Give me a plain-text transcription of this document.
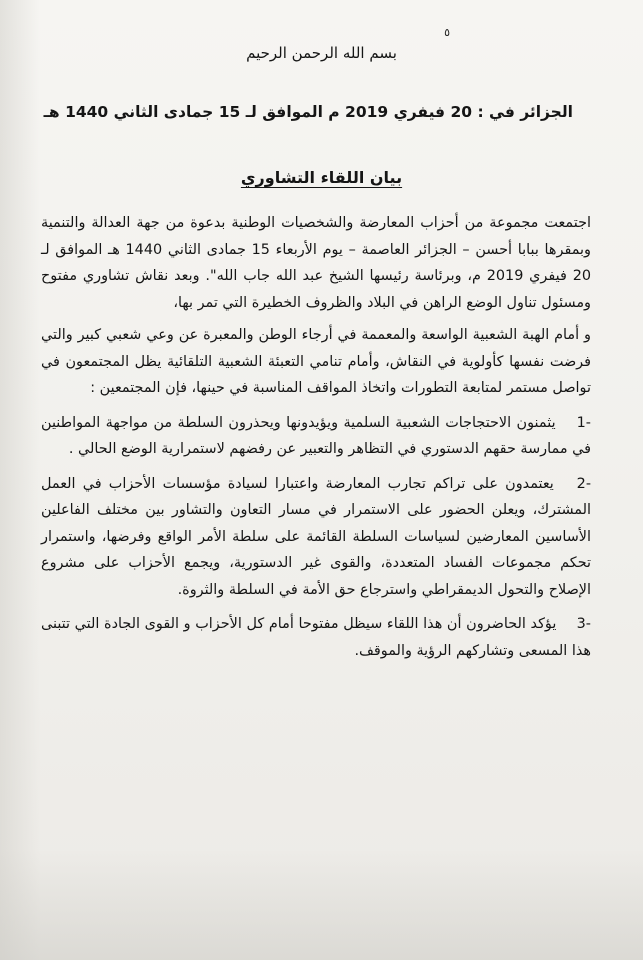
٥
بسم الله الرحمن الرحيم
الجزائر في : 20 فيفري 2019 م الموافق لـ 15 جمادى الثاني 1440 هـ
بيان اللقاء التشاوري

اجتمعت مجموعة من أحزاب المعارضة والشخصيات الوطنية بدعوة من جهة العدالة والتنمية وبمقرها ببابا أحسن – الجزائر العاصمة – يوم الأربعاء 15 جمادى الثاني 1440 هـ الموافق لـ 20 فيفري 2019 م، وبرئاسة رئيسها الشيخ عبد الله جاب الله". وبعد نقاش تشاوري مفتوح ومسئول تناول الوضع الراهن في البلاد والظروف الخطيرة التي تمر بها،

و أمام الهبة الشعبية الواسعة والمعممة في أرجاء الوطن والمعبرة عن وعي شعبي كبير والتي فرضت نفسها كأولوية في النقاش، وأمام تنامي التعبئة الشعبية التلقائية يظل المجتمعون في تواصل مستمر لمتابعة التطورات واتخاذ المواقف المناسبة في حينها، فإن المجتمعين :

-1 يثمنون الاحتجاجات الشعبية السلمية ويؤيدونها ويحذرون السلطة من مواجهة المواطنين في ممارسة حقهم الدستوري في التظاهر والتعبير عن رفضهم لاستمرارية الوضع الحالي .

-2 يعتمدون على تراكم تجارب المعارضة واعتبارا لسيادة مؤسسات الأحزاب في العمل المشترك، ويعلن الحضور على الاستمرار في مسار التعاون والتشاور بين مختلف الفاعلين الأساسين المعارضين لسياسات السلطة القائمة على سلطة الأمر الواقع وفرضها، واستمرار تحكم مجموعات الفساد المتعددة، والقوى غير الدستورية، ويجمع الأحزاب على مشروع الإصلاح والتحول الديمقراطي واسترجاع حق الأمة في السلطة والثروة.

-3 يؤكد الحاضرون أن هذا اللقاء سيظل مفتوحا أمام كل الأحزاب و القوى الجادة التي تتبنى هذا المسعى وتشاركهم الرؤية والموقف.
